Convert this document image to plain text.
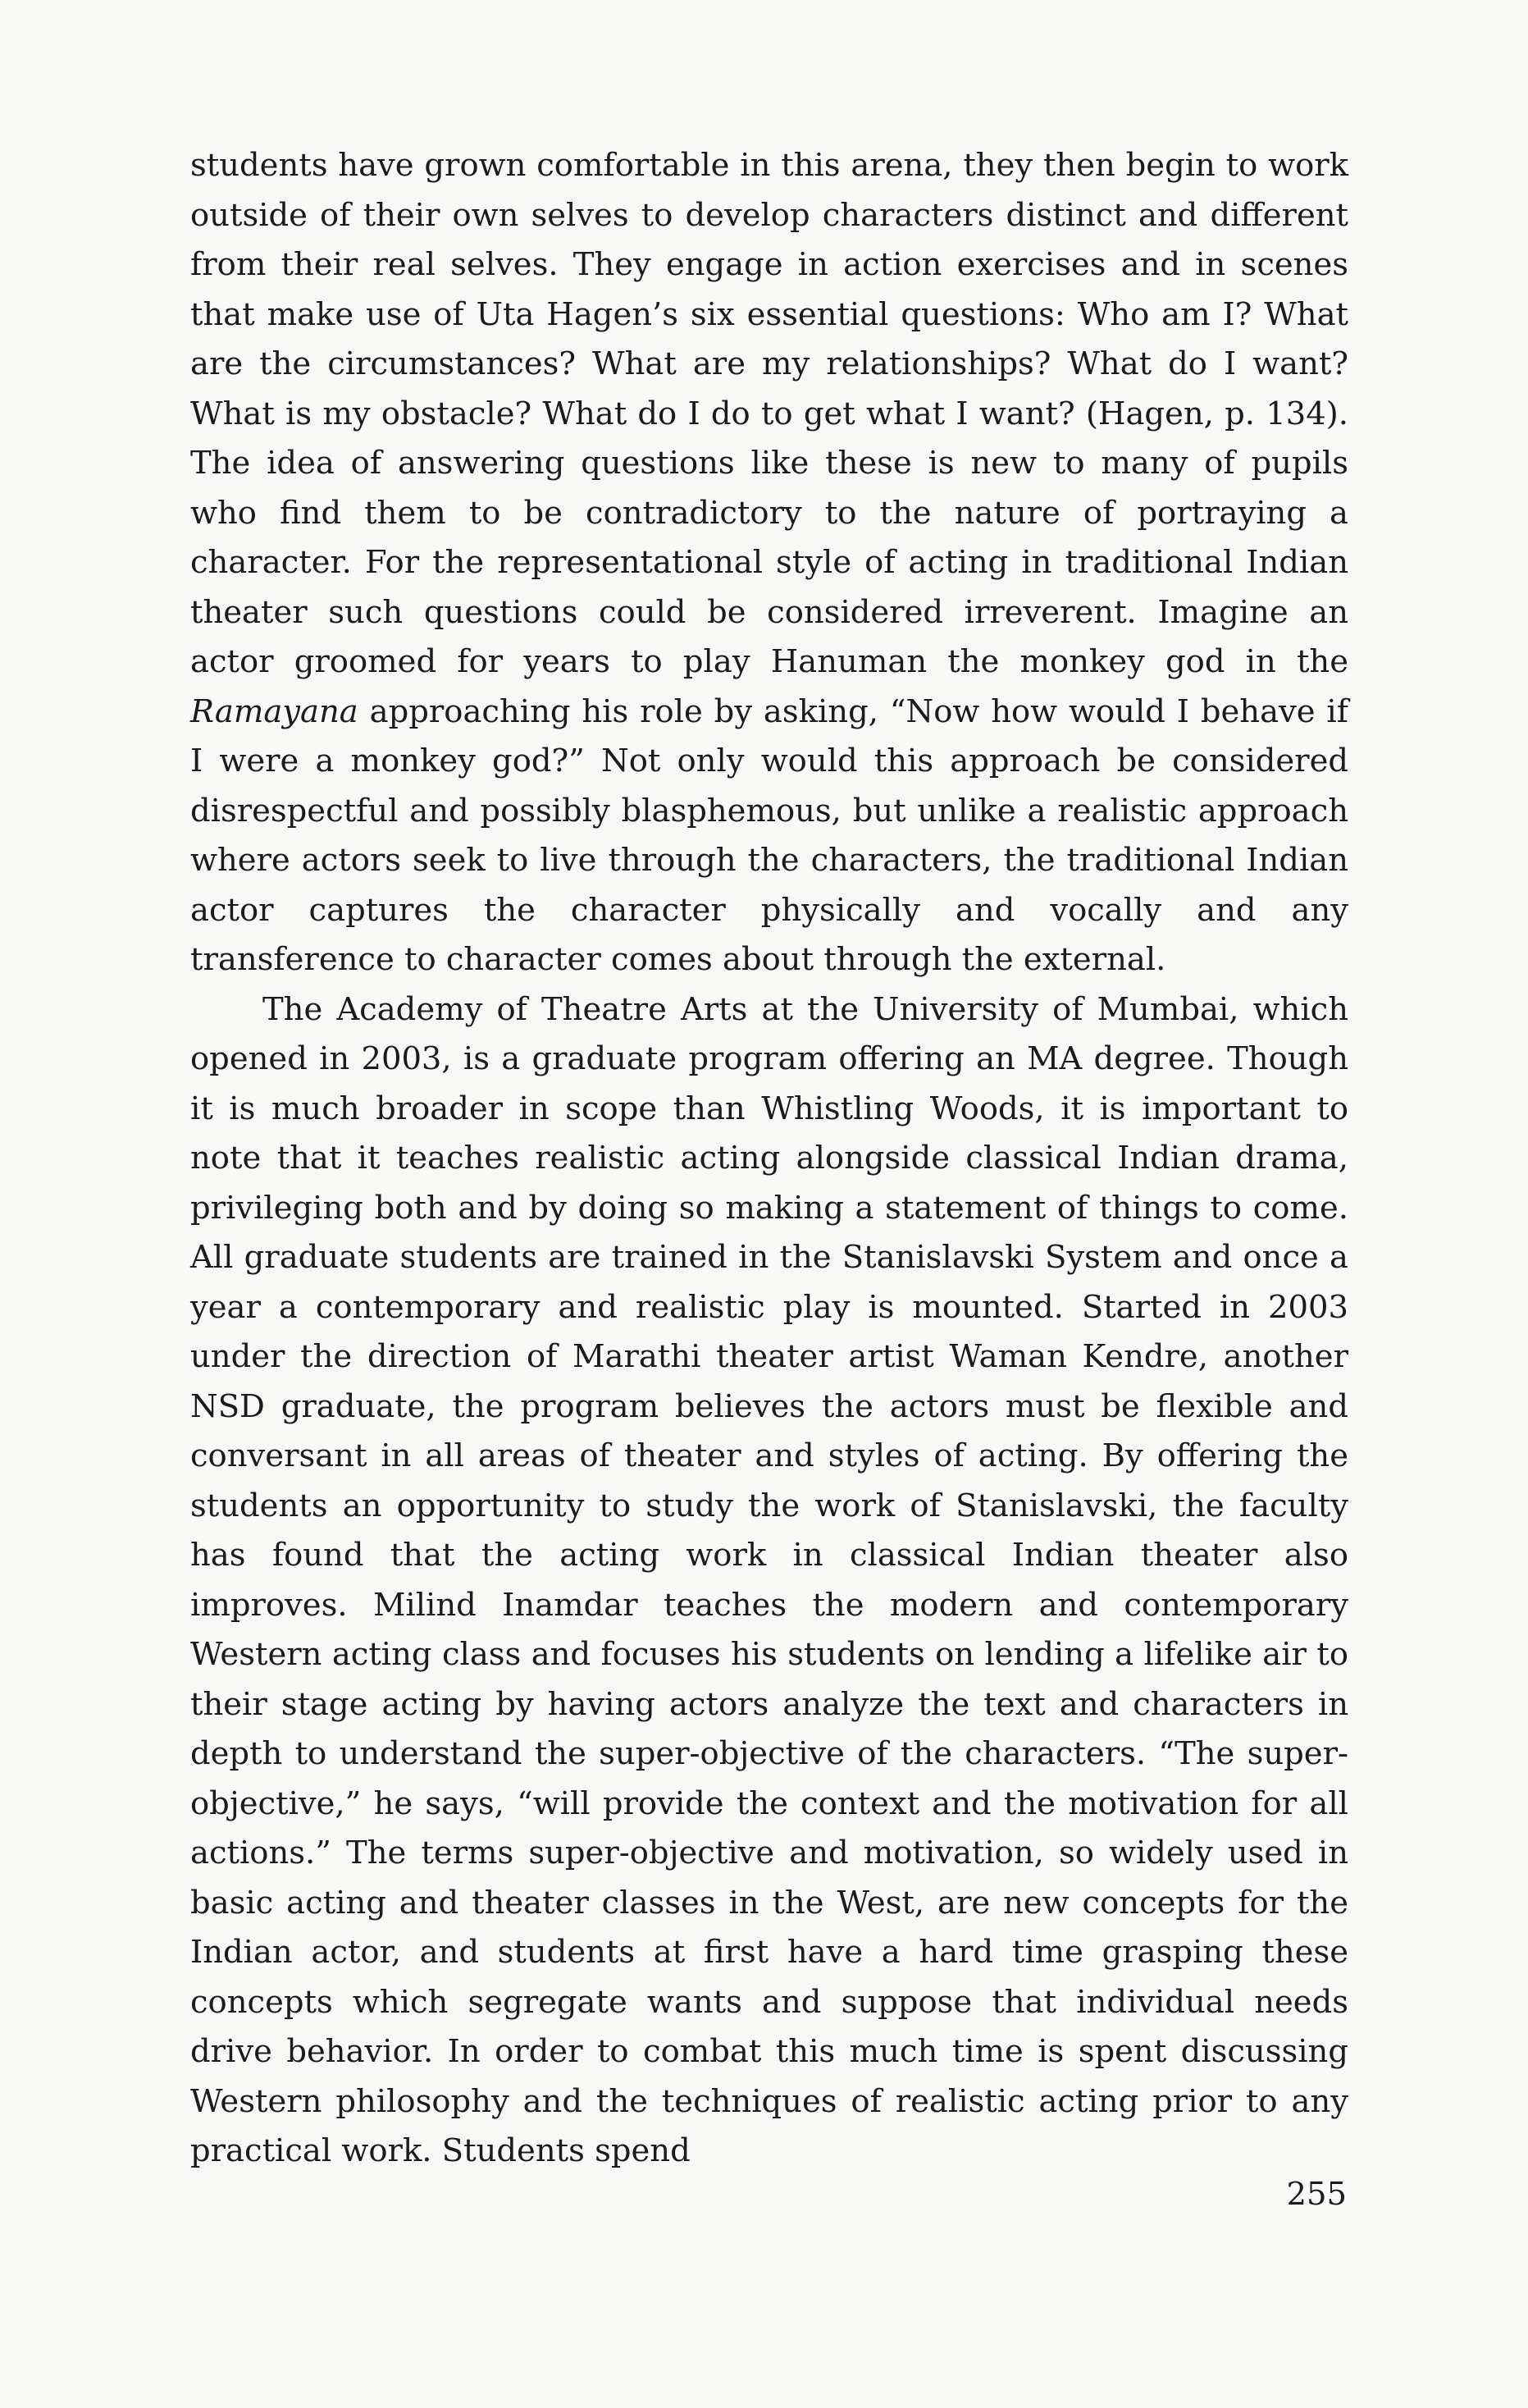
students have grown comfortable in this arena, they then begin to work outside of their own selves to develop characters distinct and different from their real selves. They engage in action exercises and in scenes that make use of Uta Hagen’s six essential questions: Who am I? What are the circumstances? What are my relationships? What do I want? What is my obstacle? What do I do to get what I want? (Hagen, p. 134). The idea of answering questions like these is new to many of pupils who find them to be contradictory to the nature of portraying a character. For the representational style of acting in traditional Indian theater such questions could be considered irreverent. Imagine an actor groomed for years to play Hanuman the monkey god in the Ramayana approaching his role by asking, “Now how would I behave if I were a monkey god?” Not only would this approach be considered disrespectful and possibly blasphemous, but unlike a realistic approach where actors seek to live through the characters, the traditional Indian actor captures the character physically and vocally and any transference to character comes about through the external.

The Academy of Theatre Arts at the University of Mumbai, which opened in 2003, is a graduate program offering an MA degree. Though it is much broader in scope than Whistling Woods, it is important to note that it teaches realistic acting alongside classical Indian drama, privileging both and by doing so making a statement of things to come. All graduate students are trained in the Stanislavski System and once a year a contemporary and realistic play is mounted. Started in 2003 under the direction of Marathi theater artist Waman Kendre, another NSD graduate, the program believes the actors must be flexible and conversant in all areas of theater and styles of acting. By offering the students an opportunity to study the work of Stanislavski, the faculty has found that the acting work in classical Indian theater also improves. Milind Inamdar teaches the modern and contemporary Western acting class and focuses his students on lending a lifelike air to their stage acting by having actors analyze the text and characters in depth to understand the super-objective of the characters. “The super-objective,” he says, “will provide the context and the motivation for all actions.” The terms super-objective and motivation, so widely used in basic acting and theater classes in the West, are new concepts for the Indian actor, and students at first have a hard time grasping these concepts which segregate wants and suppose that individual needs drive behavior. In order to combat this much time is spent discussing Western philosophy and the techniques of realistic acting prior to any practical work. Students spend

255
